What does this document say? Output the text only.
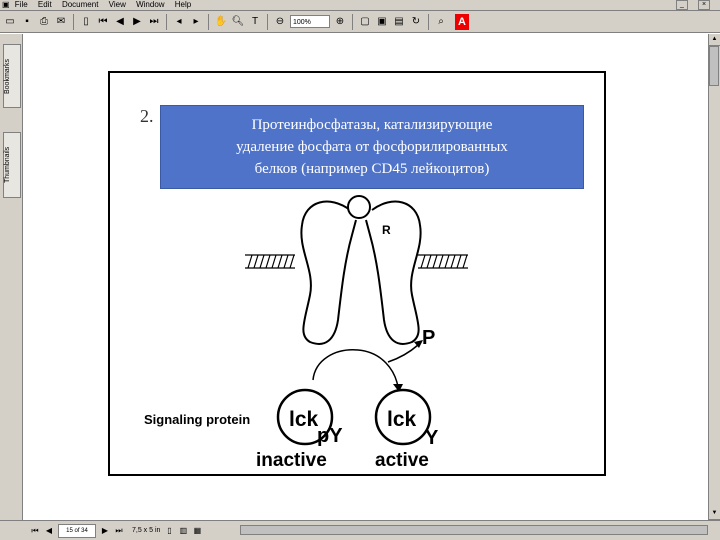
▣ File Edit Document View Window Help	_	×
▭	▪	⎙ ✉	▯ ⏮ ◀ ▶ ⏭	◂	▸	✋ 🔍︎ T	⊖	100%	⊕ ▢ ▣ ▤ ↻	⌕	A
Bookmarks
Thumbnails
▲
▼
2.	Протеинфосфатазы, катализирующие
удаление фосфата от фосфорилированных
белков (например CD45 лейкоцитов)
R
P
lck	lck
pY	Y
Signaling protein
inactive	active
⏮ ◀	15 of 34	▶ ⏭ 7,5 x 5 in ▯	▥ ▦
